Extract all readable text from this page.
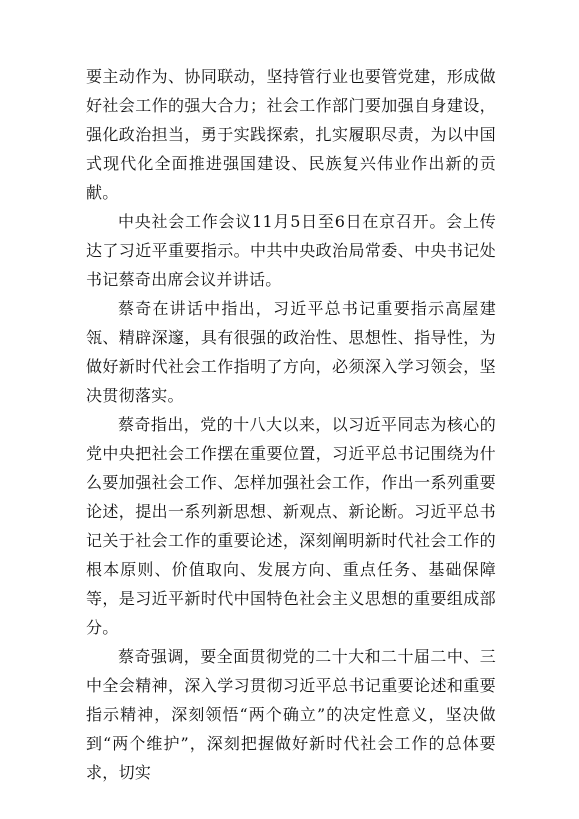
要主动作为、协同联动，坚持管行业也要管党建，形成做好社会工作的强大合力；社会工作部门要加强自身建设，强化政治担当，勇于实践探索，扎实履职尽责，为以中国式现代化全面推进强国建设、民族复兴伟业作出新的贡献。

中央社会工作会议11月5日至6日在京召开。会上传达了习近平重要指示。中共中央政治局常委、中央书记处书记蔡奇出席会议并讲话。

蔡奇在讲话中指出，习近平总书记重要指示高屋建瓴、精辟深邃，具有很强的政治性、思想性、指导性，为做好新时代社会工作指明了方向，必须深入学习领会，坚决贯彻落实。

蔡奇指出，党的十八大以来，以习近平同志为核心的党中央把社会工作摆在重要位置，习近平总书记围绕为什么要加强社会工作、怎样加强社会工作，作出一系列重要论述，提出一系列新思想、新观点、新论断。习近平总书记关于社会工作的重要论述，深刻阐明新时代社会工作的根本原则、价值取向、发展方向、重点任务、基础保障等，是习近平新时代中国特色社会主义思想的重要组成部分。

蔡奇强调，要全面贯彻党的二十大和二十届二中、三中全会精神，深入学习贯彻习近平总书记重要论述和重要指示精神，深刻领悟“两个确立”的决定性意义，坚决做到“两个维护”，深刻把握做好新时代社会工作的总体要求，切实
